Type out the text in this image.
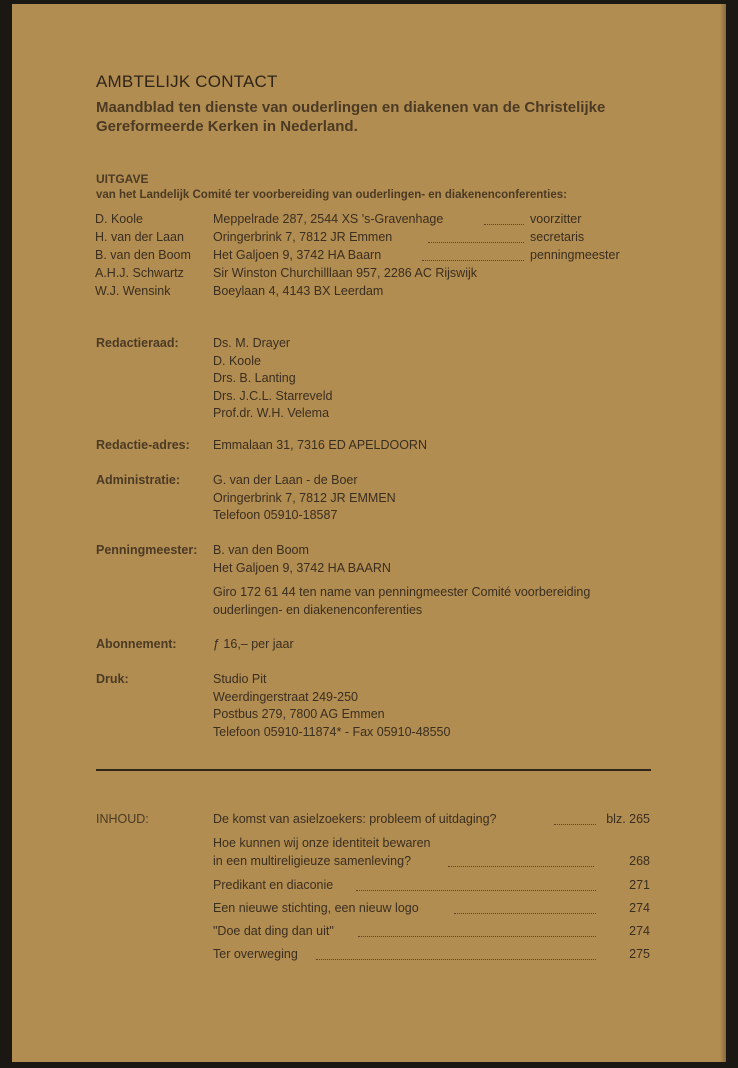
AMBTELIJK CONTACT
Maandblad ten dienste van ouderlingen en diakenen van de Christelijke Gereformeerde Kerken in Nederland.
UITGAVE
van het Landelijk Comité ter voorbereiding van ouderlingen- en diakenenconferenties:
D. Koole	Meppelrade 287, 2544 XS 's-Gravenhage	voorzitter
H. van der Laan Oringerbrink 7, 7812 JR Emmen	secretaris
B. van den Boom Het Galjoen 9, 3742 HA Baarn	penningmeester
A.H.J. Schwartz Sir Winston Churchilllaan 957, 2286 AC Rijswijk
W.J. Wensink	Boeylaan 4, 4143 BX Leerdam
Redactieraad:	Ds. M. Drayer
D. Koole
Drs. B. Lanting
Drs. J.C.L. Starreveld
Prof.dr. W.H. Velema
Redactie-adres: Emmalaan 31, 7316 ED APELDOORN
Administratie:	G. van der Laan - de Boer
Oringerbrink 7, 7812 JR EMMEN
Telefoon 05910-18587
Penningmeester: B. van den Boom
Het Galjoen 9, 3742 HA BAARN
Giro 172 61 44 ten name van penningmeester Comité voorbereiding
ouderlingen- en diakenenconferenties
Abonnement:	ƒ 16,– per jaar
Druk:	Studio Pit
Weerdingerstraat 249-250
Postbus 279, 7800 AG Emmen
Telefoon 05910-11874* - Fax 05910-48550
INHOUD:	De komst van asielzoekers: probleem of uitdaging?	blz. 265
Hoe kunnen wij onze identiteit bewaren
in een multireligieuze samenleving?	268
Predikant en diaconie	271
Een nieuwe stichting, een nieuw logo	274
"Doe dat ding dan uit"	274
Ter overweging	275
